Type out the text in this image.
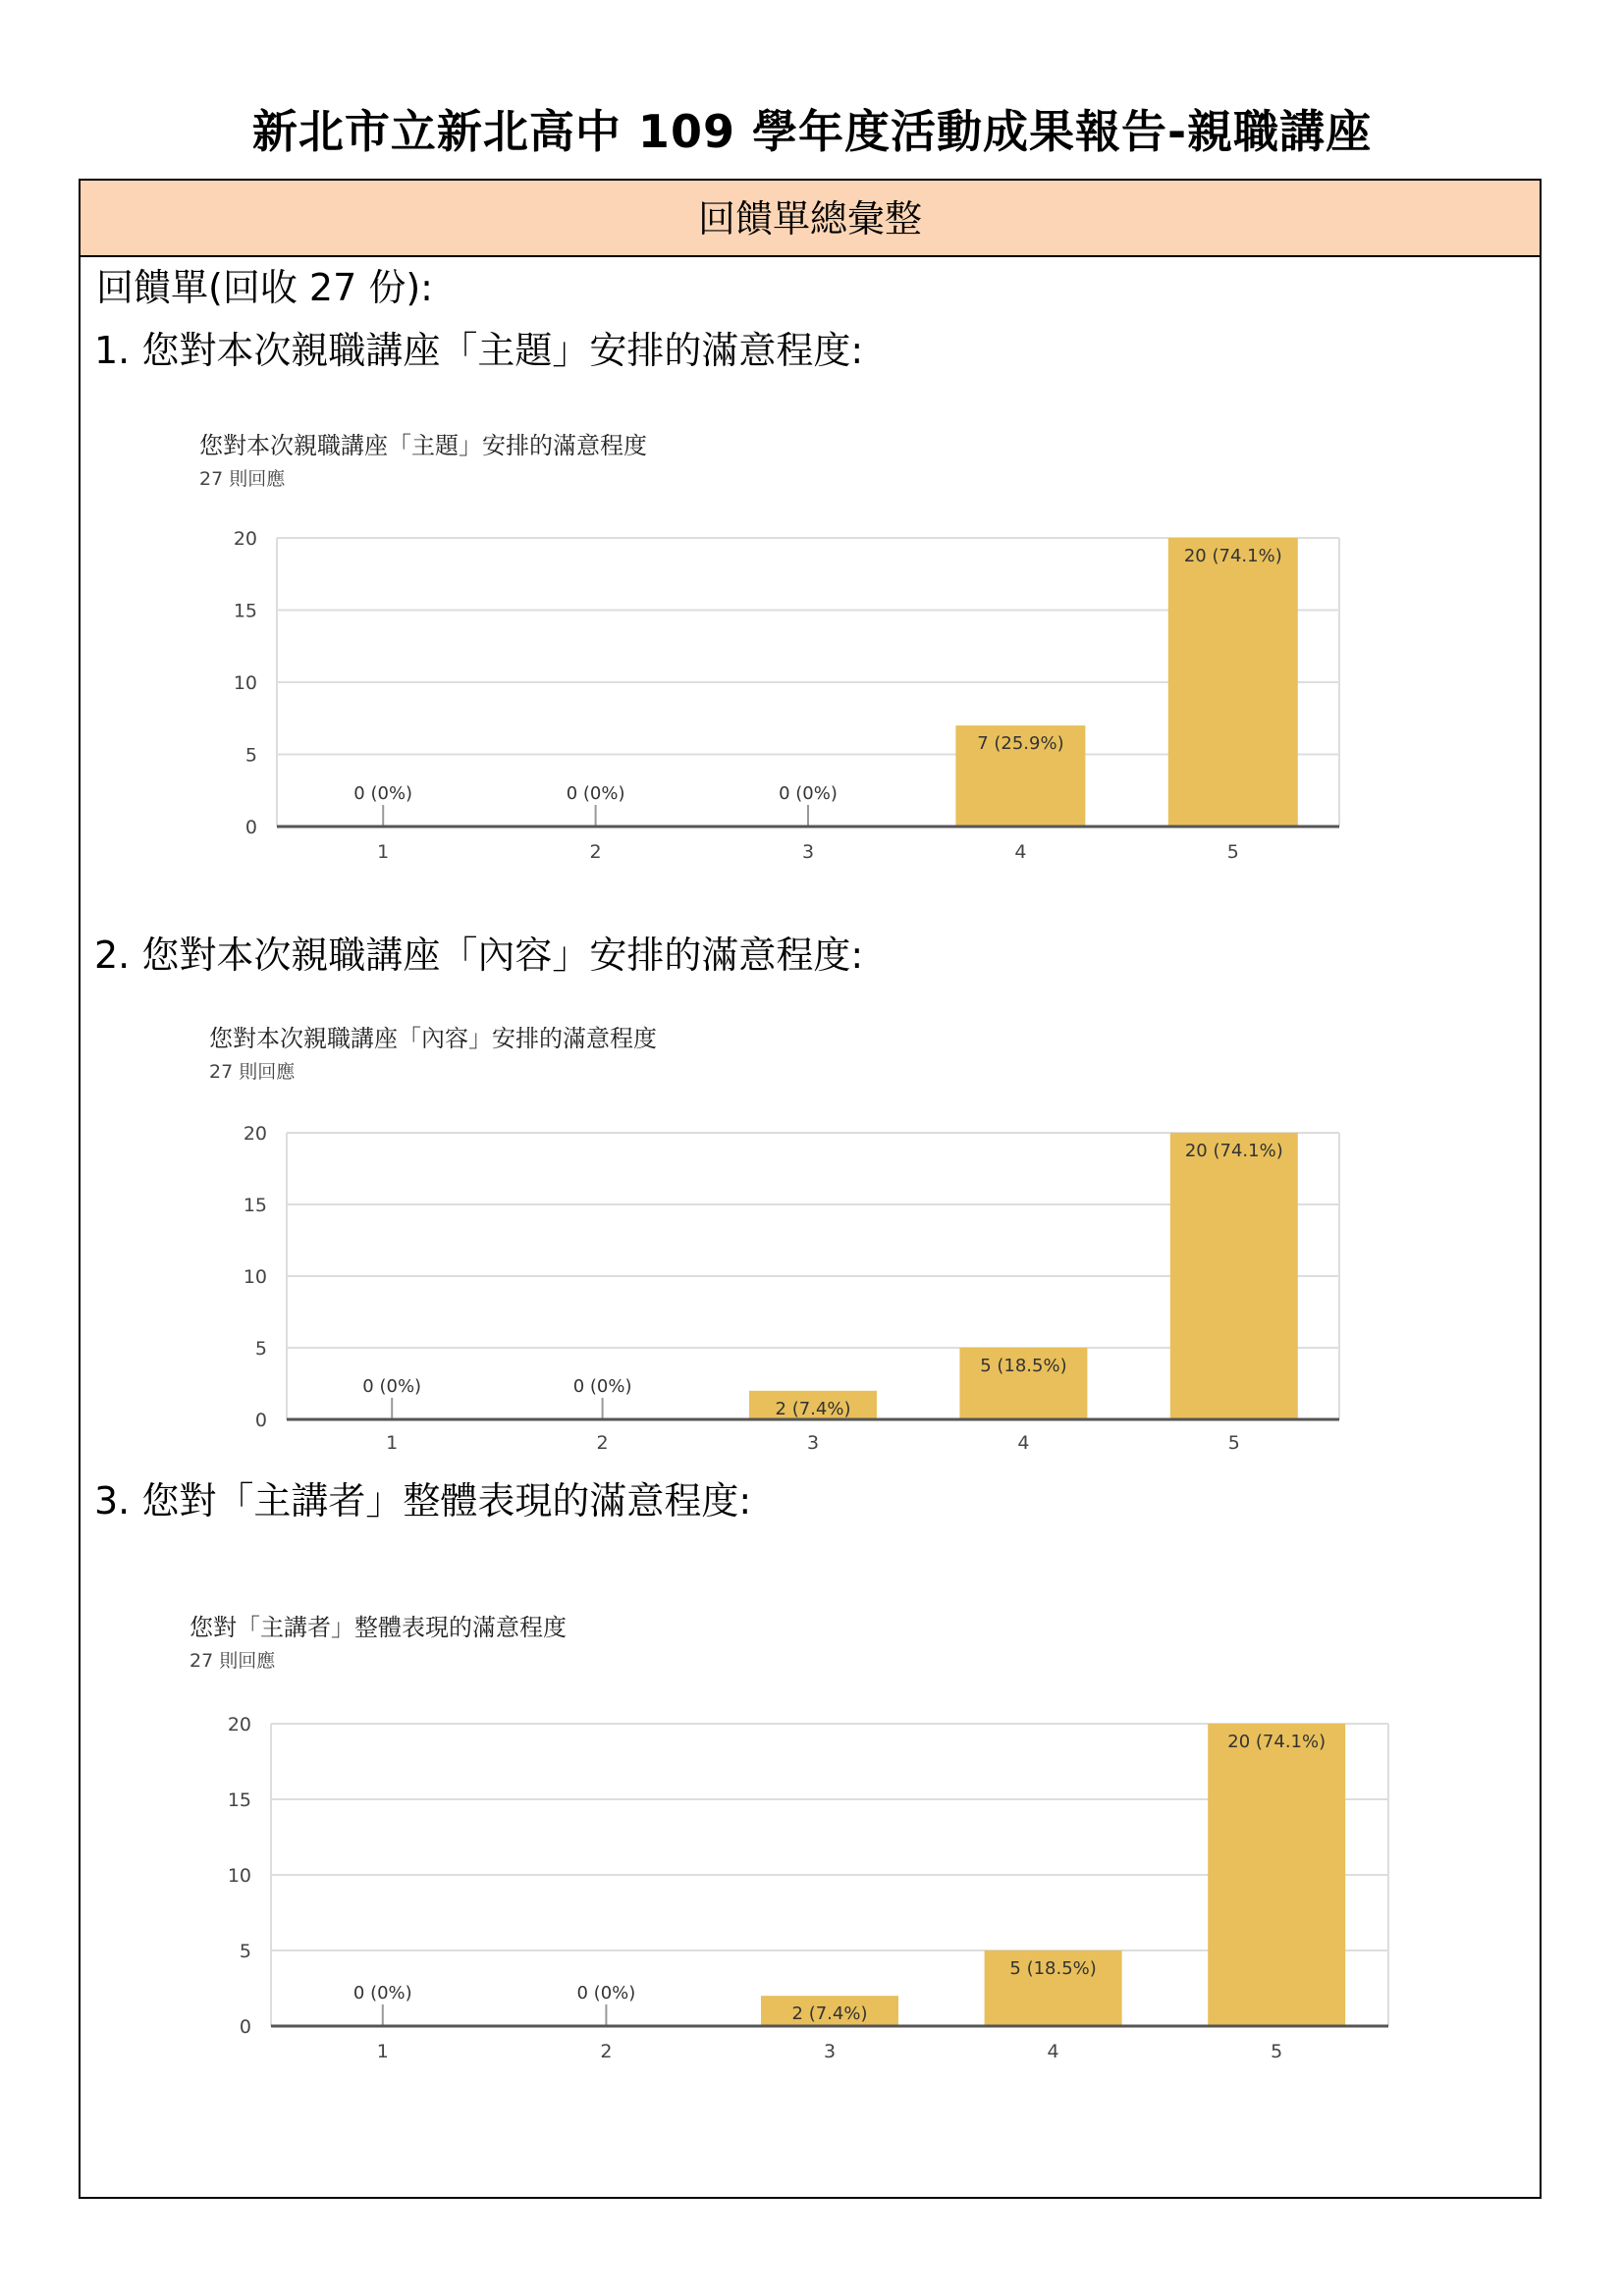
新北市立新北高中 109 學年度活動成果報告-親職講座
回饋單總彙整
回饋單(回收 27 份):
1. 您對本次親職講座「主題」安排的滿意程度:
2. 您對本次親職講座「內容」安排的滿意程度:
3. 您對「主講者」整體表現的滿意程度:
您對本次親職講座「主題」安排的滿意程度
27 則回應
0
5
10
15
20
0 (0%)
1
0 (0%)
2
0 (0%)
3
7 (25.9%)
4
20 (74.1%)
5
您對本次親職講座「內容」安排的滿意程度
27 則回應
0
5
10
15
20
0 (0%)
1
0 (0%)
2
2 (7.4%)
3
5 (18.5%)
4
20 (74.1%)
5
您對「主講者」整體表現的滿意程度
27 則回應
0
5
10
15
20
0 (0%)
1
0 (0%)
2
2 (7.4%)
3
5 (18.5%)
4
20 (74.1%)
5
